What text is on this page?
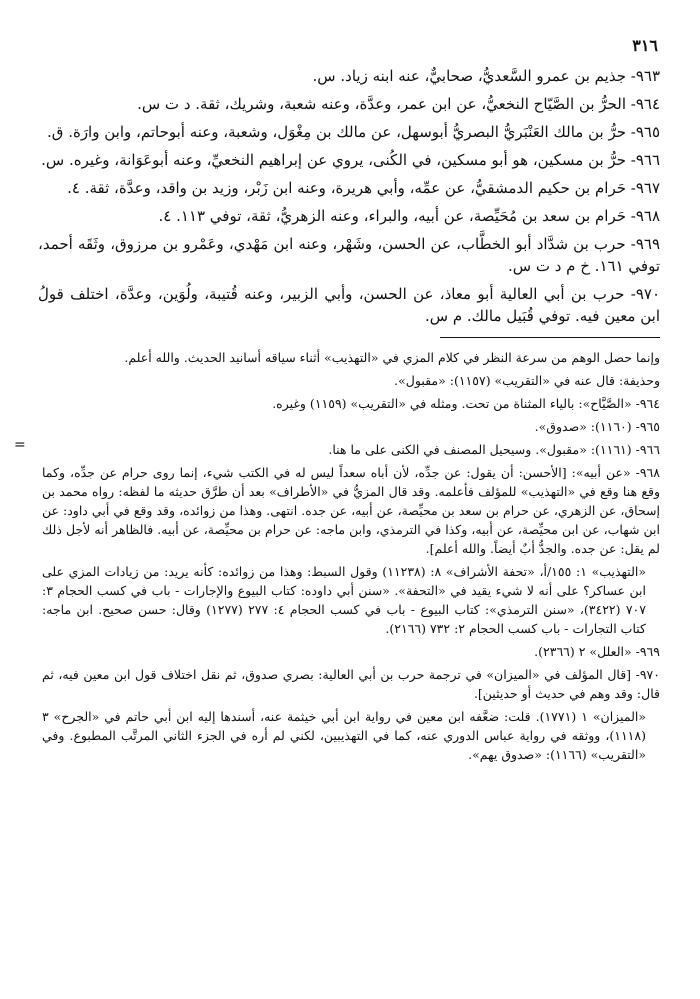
٣١٦

٩٦٣- جذيم بن عمرو السَّعديُّ، صحابيٌّ، عنه ابنه زياد. س.

٩٦٤- الحرُّ بن الصَّيّاح النخعيُّ، عن ابن عمر، وعدَّة، وعنه شعبة، وشريك، ثقة. د ت س.

٩٦٥- حرُّ بن مالك العَنْبَريُّ البصريُّ أبوسهل، عن مالك بن مِغْوَل، وشعبة، وعنه أبوحاتم، وابن وارَة. ق.

٩٦٦- حرُّ بن مسكين، هو أبو مسكين، في الكُنى، يروي عن إبراهيم النخعيِّ، وعنه أبوعَوَانة، وغيره. س.

٩٦٧- حَرام بن حكيم الدمشقيُّ، عن عمِّه، وأبي هريرة، وعنه ابن زَبْر، وزيد بن واقد، وعدَّة، ثقة. ٤.

٩٦٨- حَرام بن سعد بن مُحَيِّصة، عن أبيه، والبراء، وعنه الزهريُّ، ثقة، توفي ١١٣. ٤.

٩٦٩- حرب بن شدَّاد أبو الخطَّاب، عن الحسن، وشَهْر، وعنه ابن مَهْدي، وعَمْرو بن مرزوق، وثَقَه أحمد، توفي ١٦١. خ م د ت س.

٩٧٠- حرب بن أبي العالية أبو معاذ، عن الحسن، وأبي الزبير، وعنه قُتيبة، ولُوَين، وعدَّة، اختلف قولُ ابن معين فيه. توفي قُبَيل مالك. م س.

=

وإنما حصل الوهم من سرعة النظر في كلام المزي في «التهذيب» أثناء سياقه أسانيد الحديث. والله أعلم.

وحذيفة: قال عنه في «التقريب» (١١٥٧): «مقبول».

٩٦٤- «الصَّيَّاح»: بالياء المثناة من تحت. ومثله في «التقريب» (١١٥٩) وغيره.

٩٦٥- (١١٦٠): «صدوق».

٩٦٦- (١١٦١): «مقبول». وسيحيل المصنف في الكنى على ما هنا.

٩٦٨- «عن أبيه»: [الأحسن: أن يقول: عن جدِّه، لأن أباه سعداً ليس له في الكتب شيء، إنما روى حرام عن جدِّه، وكما وقع هنا وقع في «التهذيب» للمؤلف فأعلمه. وقد قال المزيُّ في «الأطراف» بعد أن طرَّق حديثه ما لفظه: رواه محمد بن إسحاق، عن الزهري، عن حرام بن سعد بن محيِّصة، عن أبيه، عن جده. انتهى. وهذا من زوائده، وقد وقع في أبي داود: عن ابن شهاب، عن ابن محيِّصة، عن أبيه، وكذا في الترمذي، وابن ماجه: عن حرام بن محيِّصة، عن أبيه. فالظاهر أنه لأجل ذلك لم يقل: عن جده. والجدُّ أبٌ أيضاً. والله أعلم].

«التهذيب» ١: ١٥٥/أ، «تحفة الأشراف» ٨: (١١٢٣٨) وقول السبط: وهذا من زوائده: كأنه يريد: من زيادات المزي على ابن عساكر؟ على أنه لا شيء يقيد في «التحفة». «سنن أبي داوده: كتاب البيوع والإجارات - باب في كسب الحجام ٣: ٧٠٧ (٣٤٢٢)، «سنن الترمذي»: كتاب البيوع - باب في كسب الحجام ٤: ٢٧٧ (١٢٧٧) وقال: حسن صحيح. ابن ماجه: كتاب التجارات - باب كسب الحجام ٢: ٧٣٢ (٢١٦٦).

٩٦٩- «العلل» ٢ (٢٣٦٦).

٩٧٠- [قال المؤلف في «الميزان» في ترجمة حرب بن أبي العالية: بصري صدوق، ثم نقل اختلاف قول ابن معين فيه، ثم قال: وقد وهم في حديث أو حديثين].

«الميزان» ١ (١٧٧١). قلت: ضعَّفه ابن معين في رواية ابن أبي خيثمة عنه، أسندها إليه ابن أبي حاتم في «الجرح» ٣ (١١١٨)، ووثقه في رواية عباس الدوري عنه، كما في التهذيبين، لكني لم أره في الجزء الثاني المرتَّب المطبوع. وفي «التقريب» (١١٦٦): «صدوق يهم».
